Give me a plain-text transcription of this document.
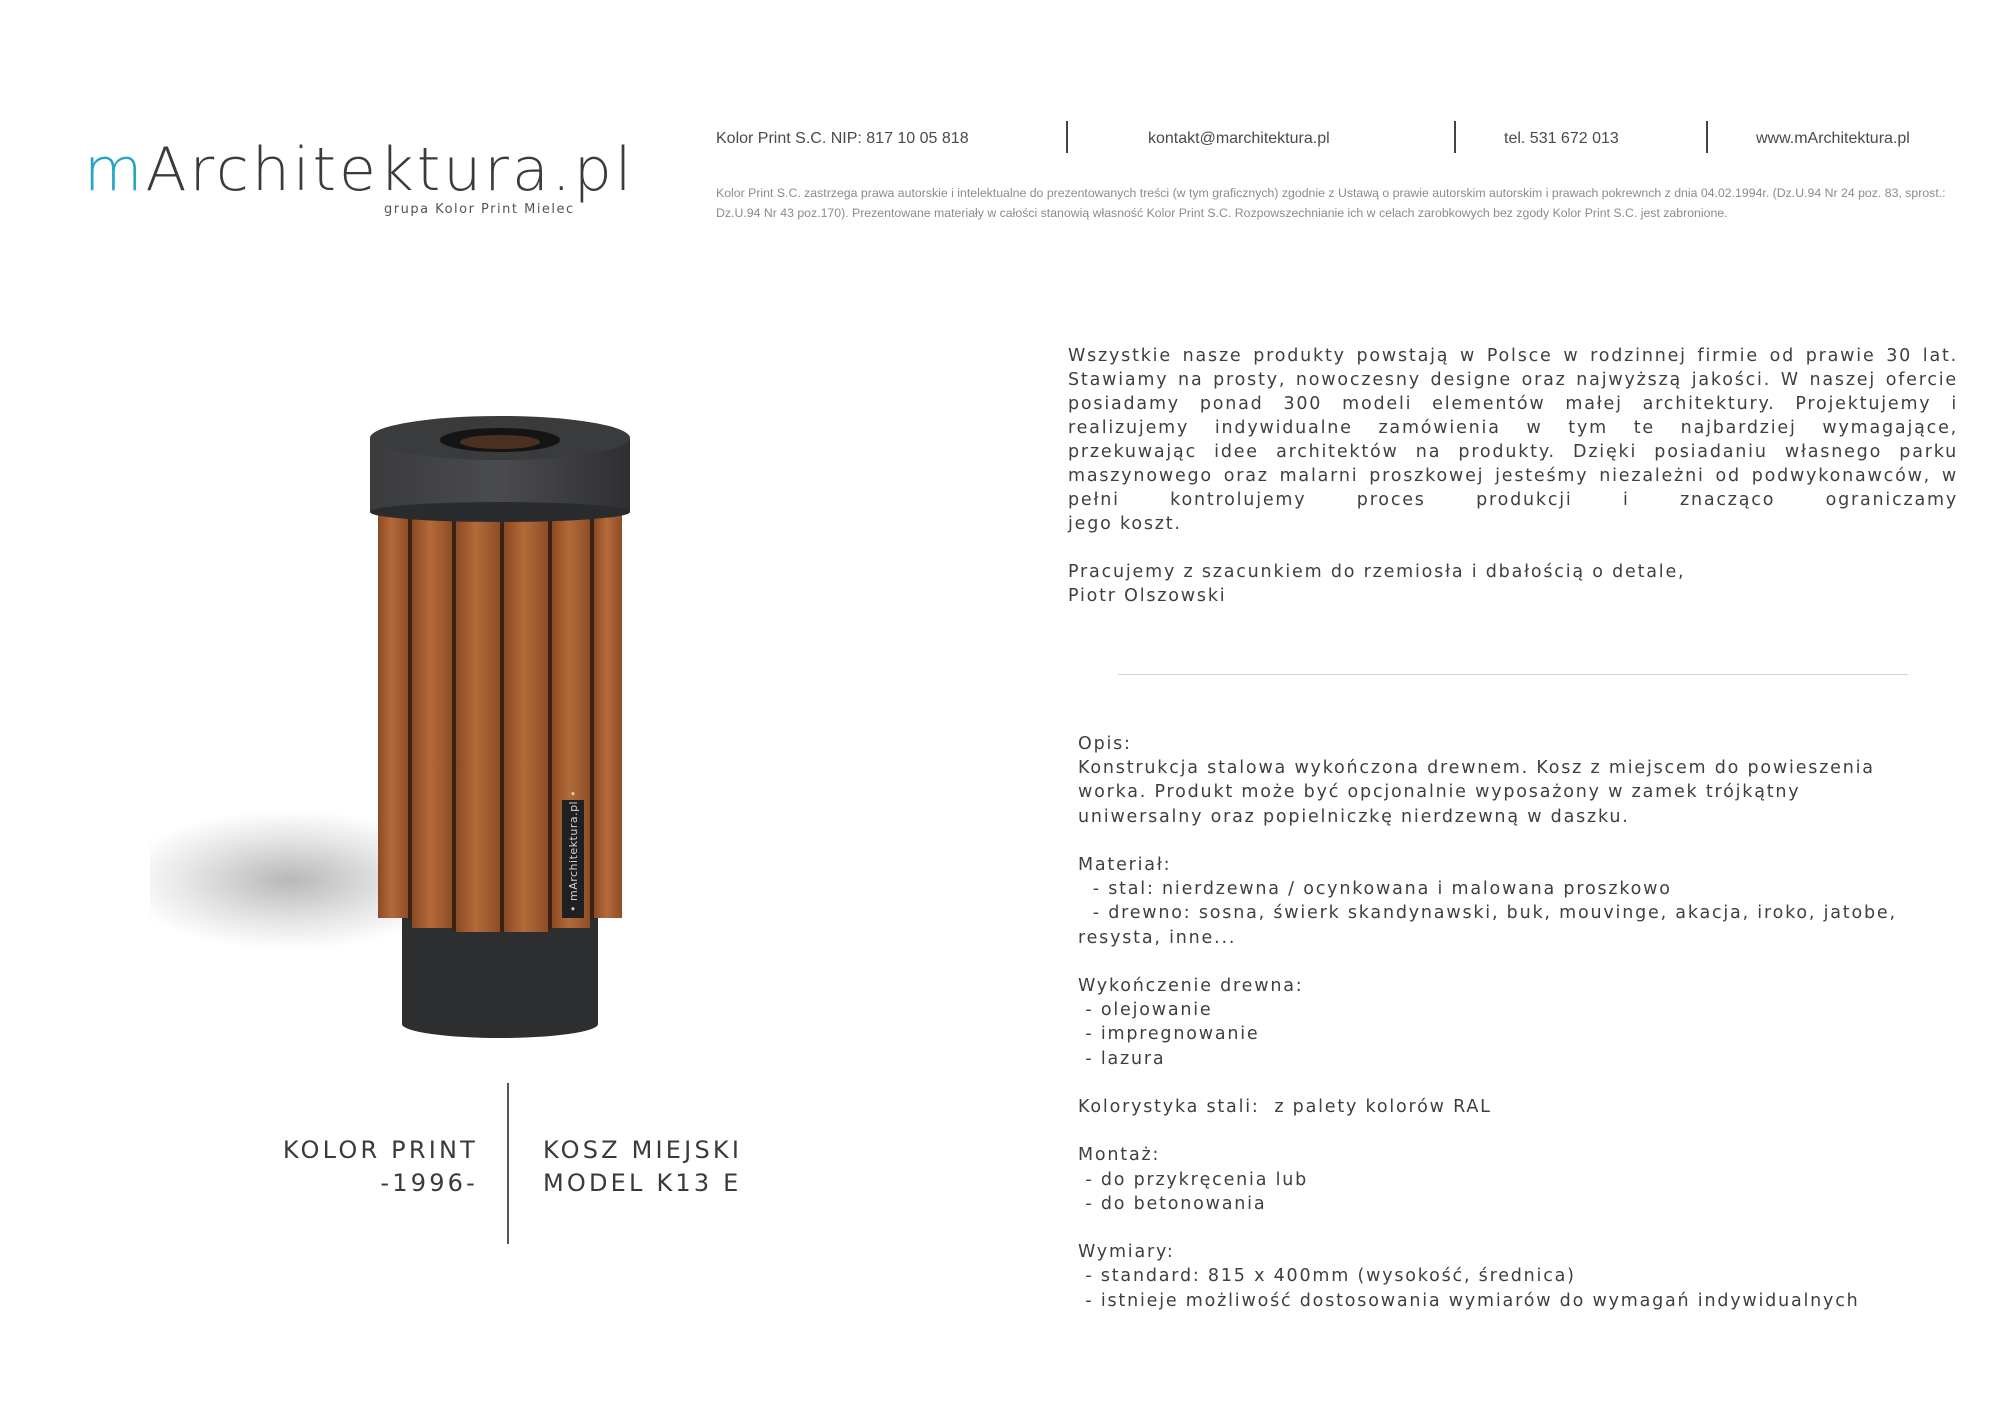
mArchitektura.pl
grupa Kolor Print Mielec
Kolor Print S.C. NIP: 817 10 05 818	kontakt@marchitektura.pl	tel. 531 672 013	www.mArchitektura.pl
Kolor Print S.C. zastrzega prawa autorskie i intelektualne do prezentowanych treści (w tym graficznych) zgodnie z Ustawą o prawie autorskim autorskim i prawach pokrewnch z dnia 04.02.1994r. (Dz.U.94 Nr 24 poz. 83, sprost.: Dz.U.94 Nr 43 poz.170). Prezentowane materiały w całości stanowią własność Kolor Print S.C. Rozpowszechnianie ich w celach zarobkowych bez zgody Kolor Print S.C. jest zabronione.

Wszystkie nasze produkty powstają w Polsce w rodzinnej firmie od prawie 30 lat. Stawiamy na prosty, nowoczesny designe oraz najwyższą jakości. W naszej ofercie posiadamy ponad 300 modeli elementów małej architektury. Projektujemy i realizujemy indywidualne zamówienia w tym te najbardziej wymagające, przekuwając idee architektów na produkty. Dzięki posiadaniu własnego parku maszynowego oraz malarni proszkowej jesteśmy niezależni od podwykonawców, w pełni kontrolujemy proces produkcji i znacząco ograniczamy

jego koszt.

Pracujemy z szacunkiem do rzemiosła i dbałością o detale,

Piotr Olszowski

Opis:

Konstrukcja stalowa wykończona drewnem. Kosz z miejscem do powieszenia

worka. Produkt może być opcjonalnie wyposażony w zamek trójkątny

uniwersalny oraz popielniczkę nierdzewną w daszku.

Materiał:

- stal: nierdzewna / ocynkowana i malowana proszkowo

- drewno: sosna, świerk skandynawski, buk, mouvinge, akacja, iroko, jatobe,

resysta, inne...

Wykończenie drewna:

- olejowanie

- impregnowanie

- lazura

Kolorystyka stali:  z palety kolorów RAL

Montaż:

- do przykręcenia lub

- do betonowania

Wymiary:

- standard: 815 x 400mm (wysokość, średnica)

- istnieje możliwość dostosowania wymiarów do wymagań indywidualnych

• mArchitektura.pl •
KOLOR PRINT
-1996-
KOSZ MIEJSKI
MODEL K13 E
